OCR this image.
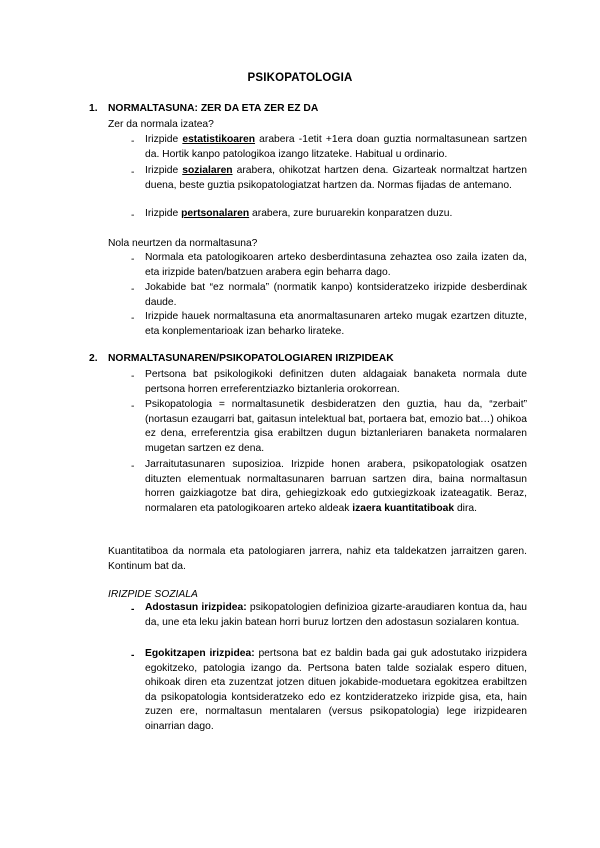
PSIKOPATOLOGIA
1. NORMALTASUNA: ZER DA ETA ZER EZ DA
Zer da normala izatea?
- Irizpide estatistikoaren arabera -1etit +1era doan guztia normaltasunean sartzen da. Hortik kanpo patologikoa izango litzateke. Habitual u ordinario.
- Irizpide sozialaren arabera, ohikotzat hartzen dena. Gizarteak normaltzat hartzen duena, beste guztia psikopatologiatzat hartzen da. Normas fijadas de antemano.
- Irizpide pertsonalaren arabera, zure buruarekin konparatzen duzu.
Nola neurtzen da normaltasuna?
- Normala eta patologikoaren arteko desberdintasuna zehaztea oso zaila izaten da, eta irizpide baten/batzuen arabera egin beharra dago.
- Jokabide bat “ez normala” (normatik kanpo) kontsideratzeko irizpide desberdinak daude.
- Irizpide hauek normaltasuna eta anormaltasunaren arteko mugak ezartzen dituzte, eta konplementarioak izan beharko lirateke.
2. NORMALTASUNAREN/PSIKOPATOLOGIAREN IRIZPIDEAK
- Pertsona bat psikologikoki definitzen duten aldagaiak banaketa normala dute pertsona horren erreferentziazko biztanleria orokorrean.
- Psikopatologia = normaltasunetik desbideratzen den guztia, hau da, “zerbait” (nortasun ezaugarri bat, gaitasun intelektual bat, portaera bat, emozio bat…) ohikoa ez dena, erreferentzia gisa erabiltzen dugun biztanleriaren banaketa normalaren mugetan sartzen ez dena.
- Jarraitutasunaren suposizioa. Irizpide honen arabera, psikopatologiak osatzen dituzten elementuak normaltasunaren barruan sartzen dira, baina normaltasun horren gaizkiagotze bat dira, gehiegizkoak edo gutxiegizkoak izateagatik. Beraz, normalaren eta patologikoaren arteko aldeak izaera kuantitatiboak dira.
Kuantitatiboa da normala eta patologiaren jarrera, nahiz eta taldekatzen jarraitzen garen. Kontinum bat da.
IRIZPIDE SOZIALA
- Adostasun irizpidea: psikopatologien definizioa gizarte-araudiaren kontua da, hau da, une eta leku jakin batean horri buruz lortzen den adostasun sozialaren kontua.
- Egokitzapen irizpidea: pertsona bat ez baldin bada gai guk adostutako irizpidera egokitzeko, patologia izango da. Pertsona baten talde sozialak espero dituen, ohikoak diren eta zuzentzat jotzen dituen jokabide-moduetara egokitzea erabiltzen da psikopatologia kontsideratzeko edo ez kontzideratzeko irizpide gisa, eta, hain zuzen ere, normaltasun mentalaren (versus psikopatologia) lege irizpidearen oinarrian dago.
